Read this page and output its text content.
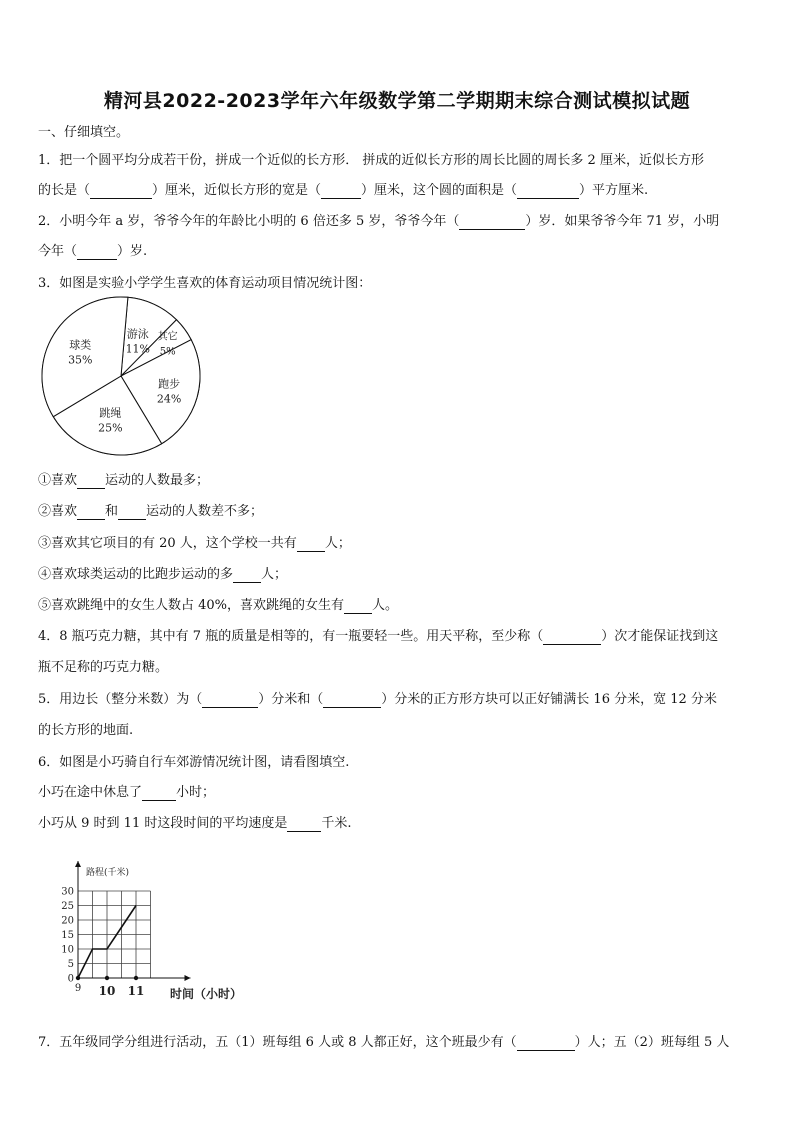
精河县2022-2023学年六年级数学第二学期期末综合测试模拟试题
一、仔细填空。
1．把一个圆平均分成若干份，拼成一个近似的长方形． 拼成的近似长方形的周长比圆的周长多 2 厘米，近似长方形
的长是（	）厘米，近似长方形的宽是（	）厘米，这个圆的面积是（	）平方厘米.
2．小明今年 a 岁，爷爷今年的年龄比小明的 6 倍还多 5 岁，爷爷今年（	）岁．如果爷爷今年 71 岁，小明
今年（	）岁.
3．如图是实验小学学生喜欢的体育运动项目情况统计图：
游泳
11%
其它
5%
跑步
24%
跳绳
25%
球类
35%
①喜欢 运动的人数最多；
②喜欢 和 运动的人数差不多；
③喜欢其它项目的有 20 人，这个学校一共有 人；
④喜欢球类运动的比跑步运动的多 人；
⑤喜欢跳绳中的女生人数占 40%，喜欢跳绳的女生有 人。
4．8 瓶巧克力糖，其中有 7 瓶的质量是相等的，有一瓶要轻一些。用天平称，至少称（	）次才能保证找到这
瓶不足称的巧克力糖。
5．用边长（整分米数）为（	）分米和（	）分米的正方形方块可以正好铺满长 16 分米，宽 12 分米
的长方形的地面.
6．如图是小巧骑自行车郊游情况统计图，请看图填空.
小巧在途中休息了	小时；
小巧从 9 时到 11 时这段时间的平均速度是	千米.
0
5
10
15
20
25
30
9 10 11
路程(千米)
时间（小时）
7．五年级同学分组进行活动，五（1）班每组 6 人或 8 人都正好，这个班最少有（	）人；五（2）班每组 5 人
